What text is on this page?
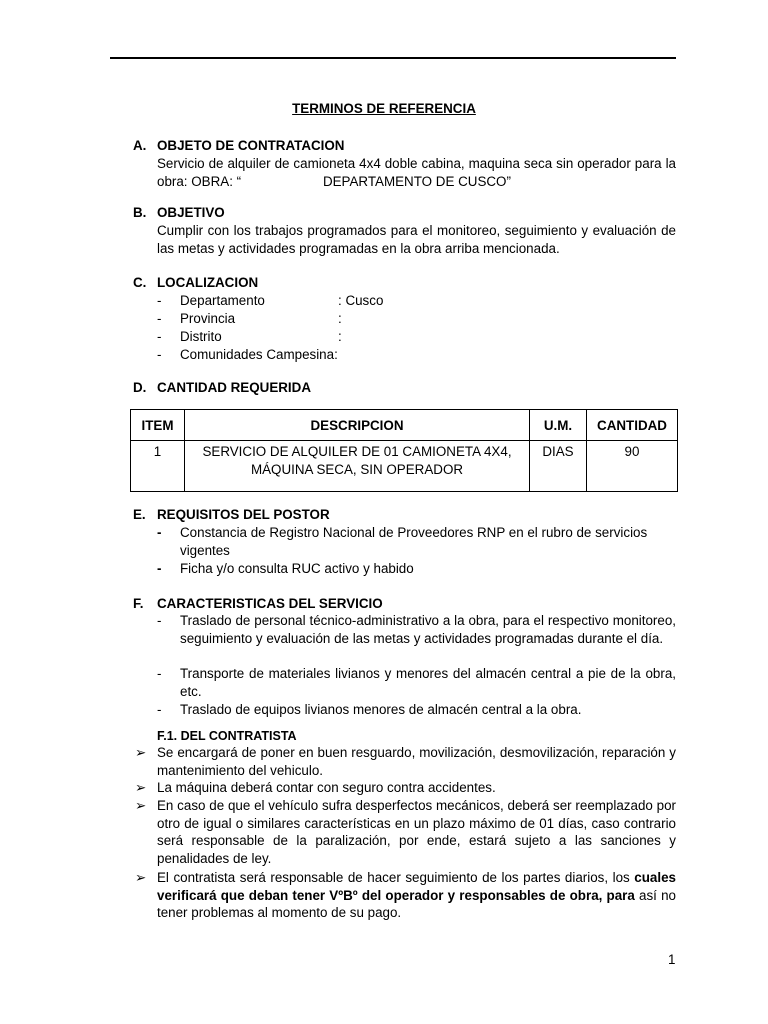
TERMINOS DE REFERENCIA
A. OBJETO DE CONTRATACION
Servicio de alquiler de camioneta 4x4 doble cabina, maquina seca sin operador para la obra: OBRA: “                      DEPARTAMENTO DE CUSCO”
B. OBJETIVO
Cumplir con los trabajos programados para el monitoreo, seguimiento y evaluación de las metas y actividades programadas en la obra arriba mencionada.
C. LOCALIZACION
- Departamento	: Cusco
- Provincia	:
- Distrito	:
- Comunidades Campesina:
D. CANTIDAD REQUERIDA
ITEM	DESCRIPCION	U.M.	CANTIDAD
1	SERVICIO DE ALQUILER DE 01 CAMIONETA 4X4, MÁQUINA SECA, SIN OPERADOR	DIAS	90
E. REQUISITOS DEL POSTOR
- Constancia de Registro Nacional de Proveedores RNP en el rubro de servicios vigentes
- Ficha y/o consulta RUC activo y habido
F. CARACTERISTICAS DEL SERVICIO
- Traslado de personal técnico-administrativo a la obra, para el respectivo monitoreo, seguimiento y evaluación de las metas y actividades programadas durante el día.
- Transporte de materiales livianos y menores del almacén central a pie de la obra, etc.
- Traslado de equipos livianos menores de almacén central a la obra.
F.1. DEL CONTRATISTA
➢ Se encargará de poner en buen resguardo, movilización, desmovilización, reparación y mantenimiento del vehiculo.
➢ La máquina deberá contar con seguro contra accidentes.
➢ En caso de que el vehículo sufra desperfectos mecánicos, deberá ser reemplazado por otro de igual o similares características en un plazo máximo de 01 días, caso contrario será responsable de la paralización, por ende, estará sujeto a las sanciones y penalidades de ley.
➢ El contratista será responsable de hacer seguimiento de los partes diarios, los cuales verificará que deban tener VºBº del operador y responsables de obra, para así no tener problemas al momento de su pago.
1
